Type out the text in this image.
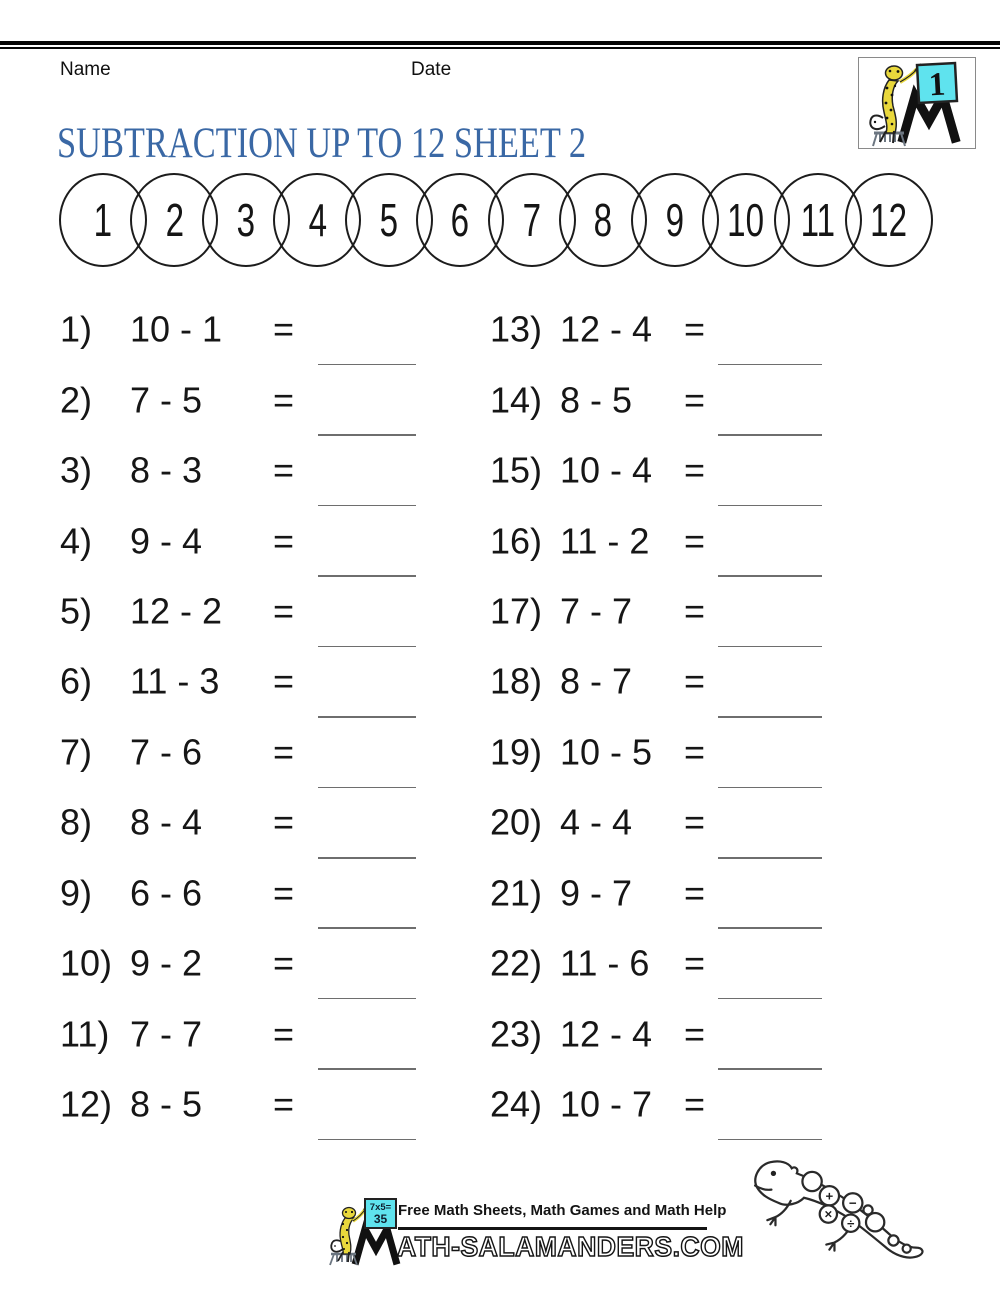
Name	Date	1
SUBTRACTION UP TO 12 SHEET 2
1 2 3 4 5 6 7 8 9 10 11 12
1) 10 - 1 =
2) 7 - 5 =
3) 8 - 3 =
4) 9 - 4 =
5) 12 - 2 =
6) 11 - 3 =
7) 7 - 6 =
8) 8 - 4 =
9) 6 - 6 =
10) 9 - 2 =
11) 7 - 7 =
12) 8 - 5 =
13) 12 - 4 =
14) 8 - 5 =
15) 10 - 4 =
16) 11 - 2 =
17) 7 - 7 =
18) 8 - 7 =
19) 10 - 5 =
20) 4 - 4 =
21) 9 - 7 =
22) 11 - 6 =
23) 12 - 4 =
24) 10 - 7 =
7x5=
35 Free Math Sheets, Math Games and Math Help
ATH-SALAMANDERS.COM
+ −
×
÷
